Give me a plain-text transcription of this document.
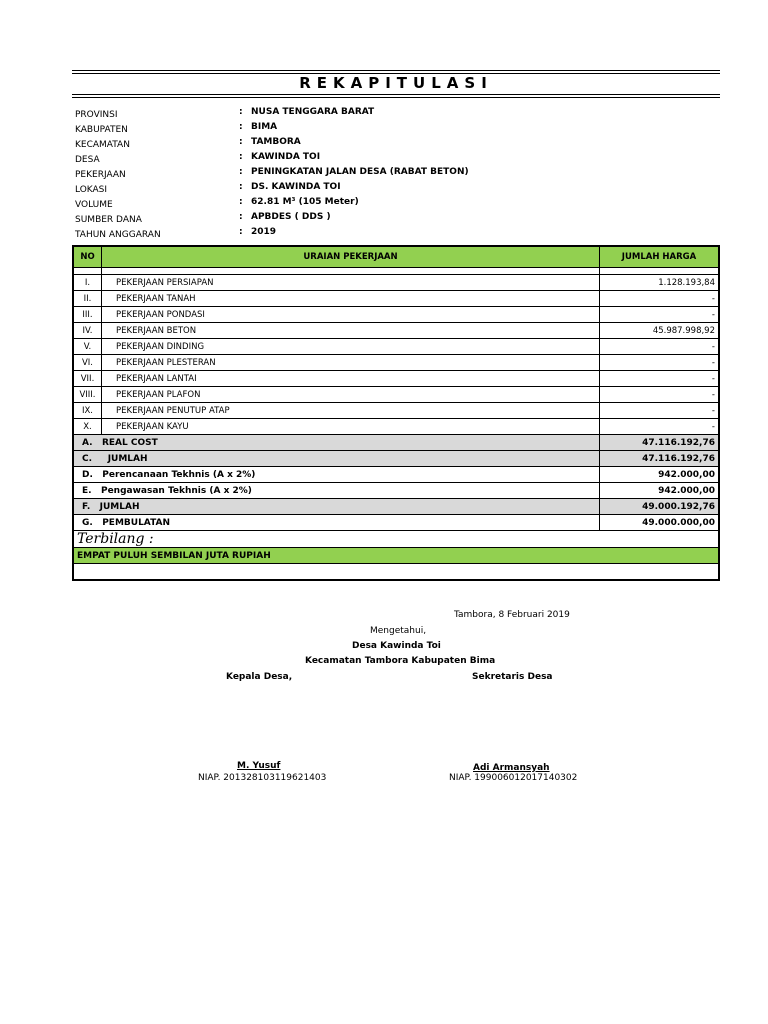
REKAPITULASI
PROVINSI	: NUSA TENGGARA BARAT
KABUPATEN	: BIMA
KECAMATAN	: TAMBORA
DESA	: KAWINDA TOI
PEKERJAAN	: PENINGKATAN JALAN DESA (RABAT BETON)
LOKASI	: DS. KAWINDA TOI
VOLUME	: 62.81 M³ (105 Meter)
SUMBER DANA	: APBDES ( DDS )
TAHUN ANGGARAN	: 2019
NO	URAIAN PEKERJAAN	JUMLAH HARGA

I.	PEKERJAAN PERSIAPAN	1.128.193,84
II.	PEKERJAAN TANAH	-
III.	PEKERJAAN PONDASI	-
IV.	PEKERJAAN BETON	45.987.998,92
V.	PEKERJAAN DINDING	-
VI.	PEKERJAAN PLESTERAN	-
VII.	PEKERJAAN LANTAI	-
VIII.	PEKERJAAN PLAFON	-
IX.	PEKERJAAN PENUTUP ATAP	-
X.	PEKERJAAN KAYU	-
A.   REAL COST		47.116.192,76
C.     JUMLAH		47.116.192,76
D.   Perencanaan Tekhnis (A x 2%)		942.000,00
E.   Pengawasan Tekhnis (A x 2%)		942.000,00
F.   JUMLAH		49.000.192,76
G.   PEMBULATAN		49.000.000,00
Terbilang :		
EMPAT PULUH SEMBILAN JUTA RUPIAH		

Tambora, 8 Februari 2019
Mengetahui,
Desa Kawinda Toi
Kecamatan Tambora Kabupaten Bima
Kepala Desa,	Sekretaris Desa
M. Yusuf
NIAP. 201328103119621403
Adi Armansyah
NIAP. 199006012017140302
